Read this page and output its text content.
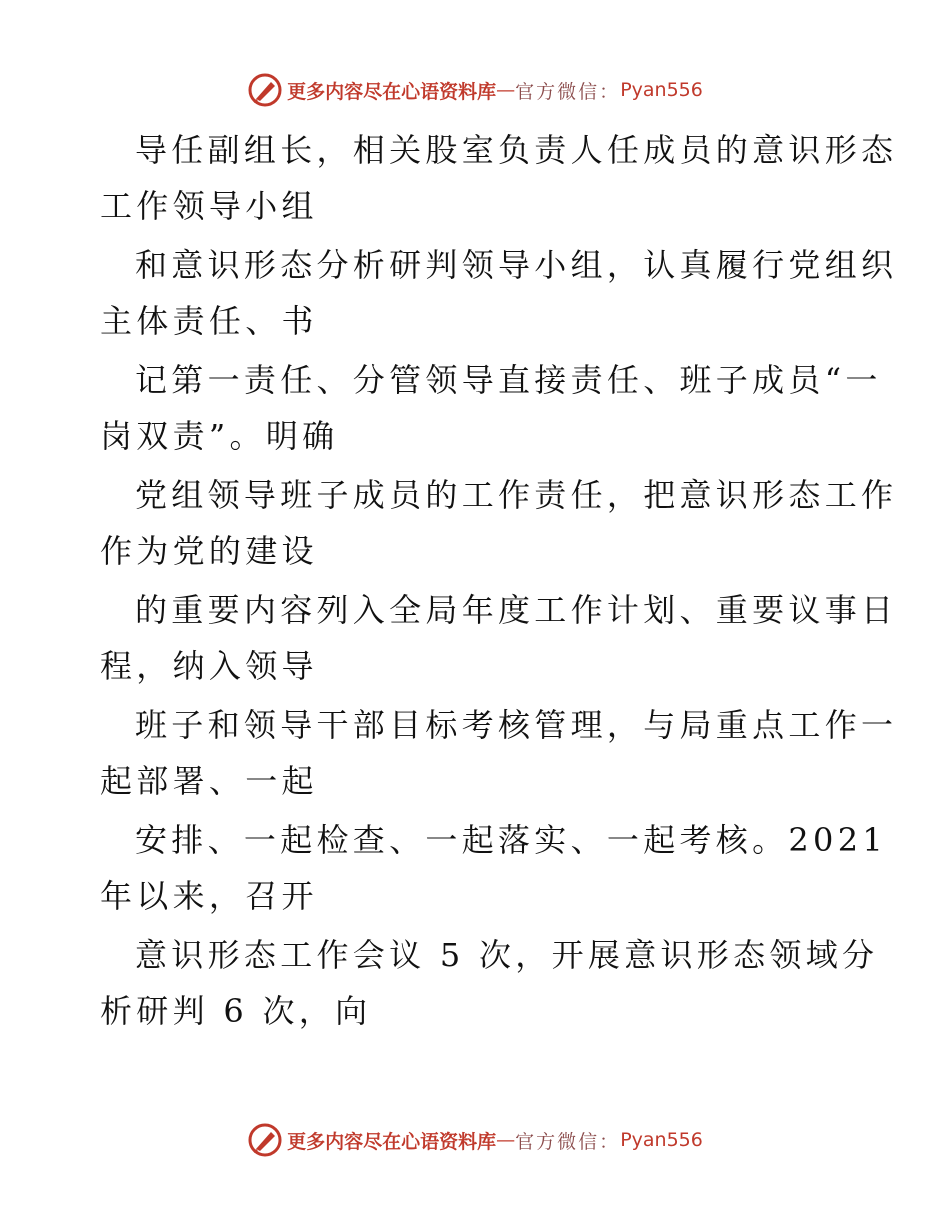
更多内容尽在心语资料库 — 官方微信： Pyan556
导任副组长，相关股室负责人任成员的意识形态
工作领导小组
和意识形态分析研判领导小组，认真履行党组织
主体责任、书
记第一责任、分管领导直接责任、班子成员“一
岗双责”。明确
党组领导班子成员的工作责任，把意识形态工作
作为党的建设
的重要内容列入全局年度工作计划、重要议事日
程，纳入领导
班子和领导干部目标考核管理，与局重点工作一
起部署、一起
安排、一起检查、一起落实、一起考核。2021
年以来，召开
意识形态工作会议 5 次，开展意识形态领域分
析研判 6 次，向
更多内容尽在心语资料库 — 官方微信： Pyan556
